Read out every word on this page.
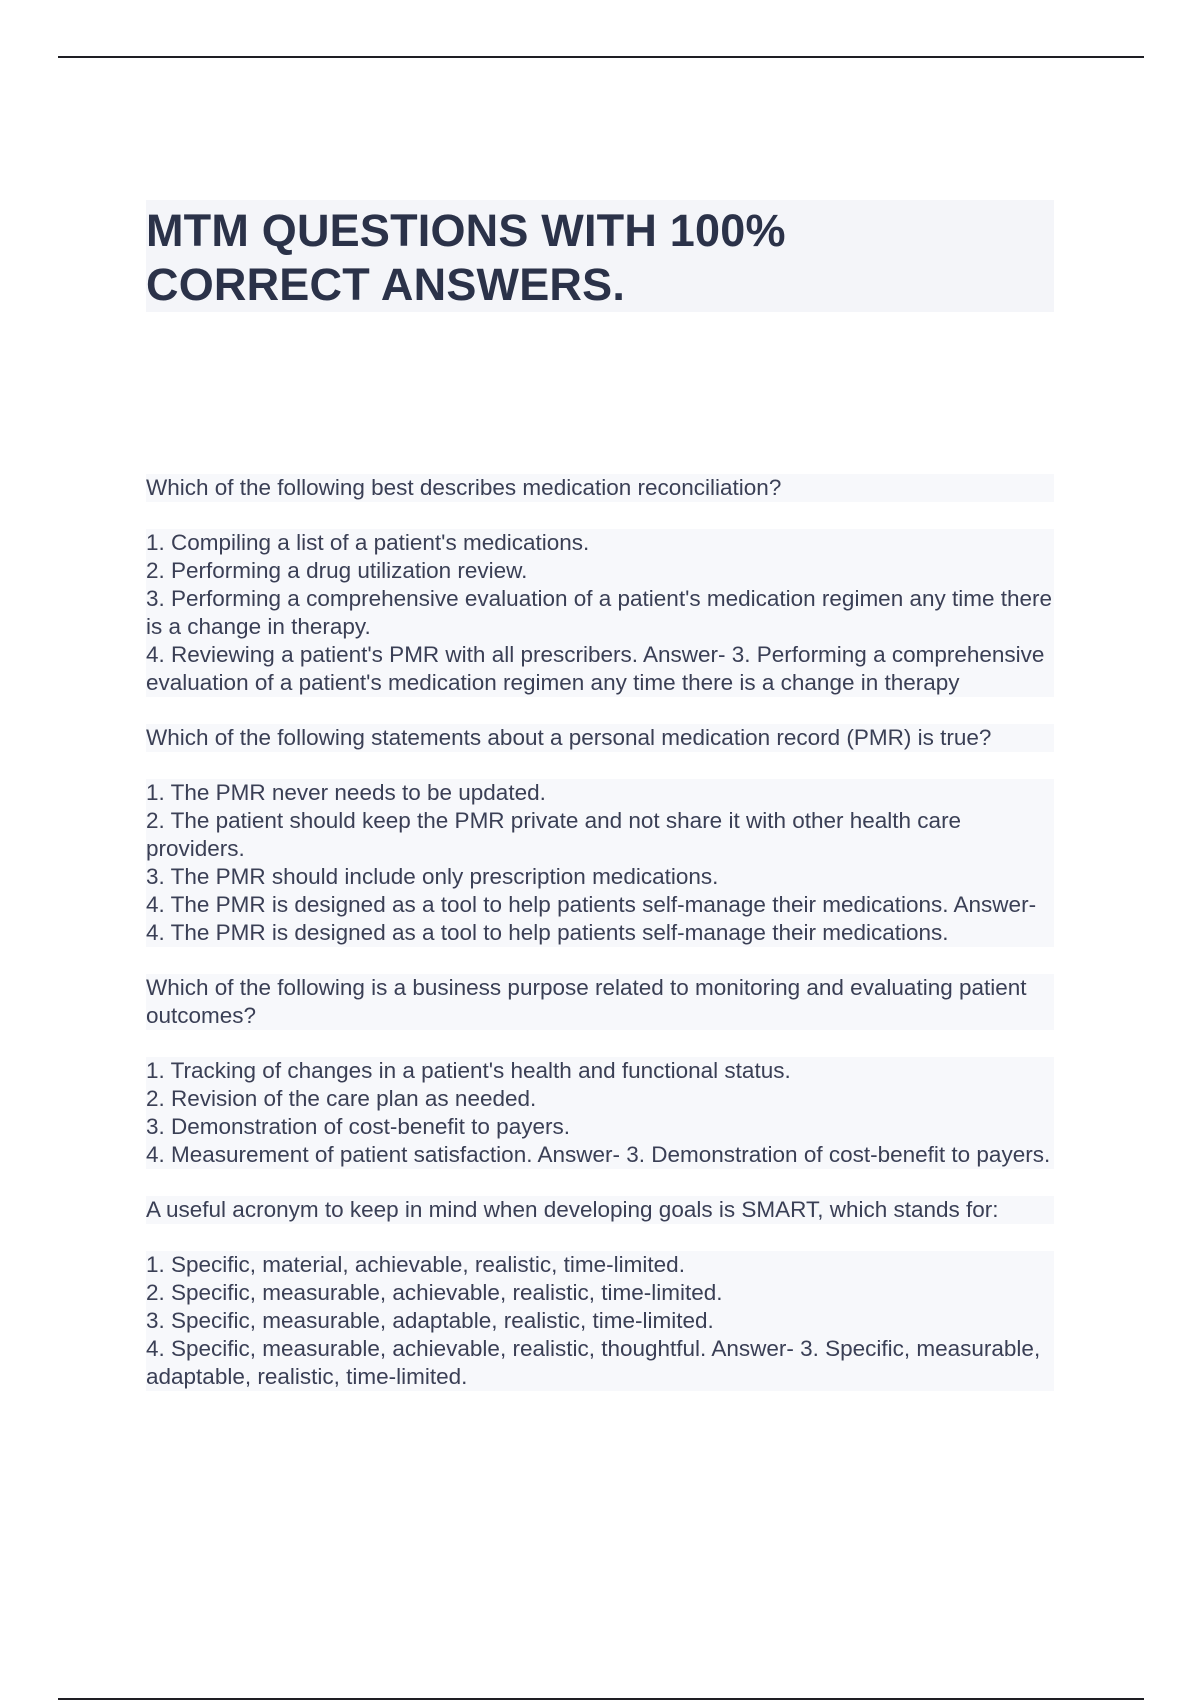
MTM QUESTIONS WITH 100%
CORRECT ANSWERS.
Which of the following best describes medication reconciliation?
1. Compiling a list of a patient's medications.
2. Performing a drug utilization review.
3. Performing a comprehensive evaluation of a patient's medication regimen any time there is a change in therapy.
4. Reviewing a patient's PMR with all prescribers. Answer- 3. Performing a comprehensive evaluation of a patient's medication regimen any time there is a change in therapy
Which of the following statements about a personal medication record (PMR) is true?
1. The PMR never needs to be updated.
2. The patient should keep the PMR private and not share it with other health care providers.
3. The PMR should include only prescription medications.
4. The PMR is designed as a tool to help patients self-manage their medications. Answer- 4. The PMR is designed as a tool to help patients self-manage their medications.
Which of the following is a business purpose related to monitoring and evaluating patient outcomes?
1. Tracking of changes in a patient's health and functional status.
2. Revision of the care plan as needed.
3. Demonstration of cost-benefit to payers.
4. Measurement of patient satisfaction. Answer- 3. Demonstration of cost-benefit to payers.
A useful acronym to keep in mind when developing goals is SMART, which stands for:
1. Specific, material, achievable, realistic, time-limited.
2. Specific, measurable, achievable, realistic, time-limited.
3. Specific, measurable, adaptable, realistic, time-limited.
4. Specific, measurable, achievable, realistic, thoughtful. Answer- 3. Specific, measurable, adaptable, realistic, time-limited.
